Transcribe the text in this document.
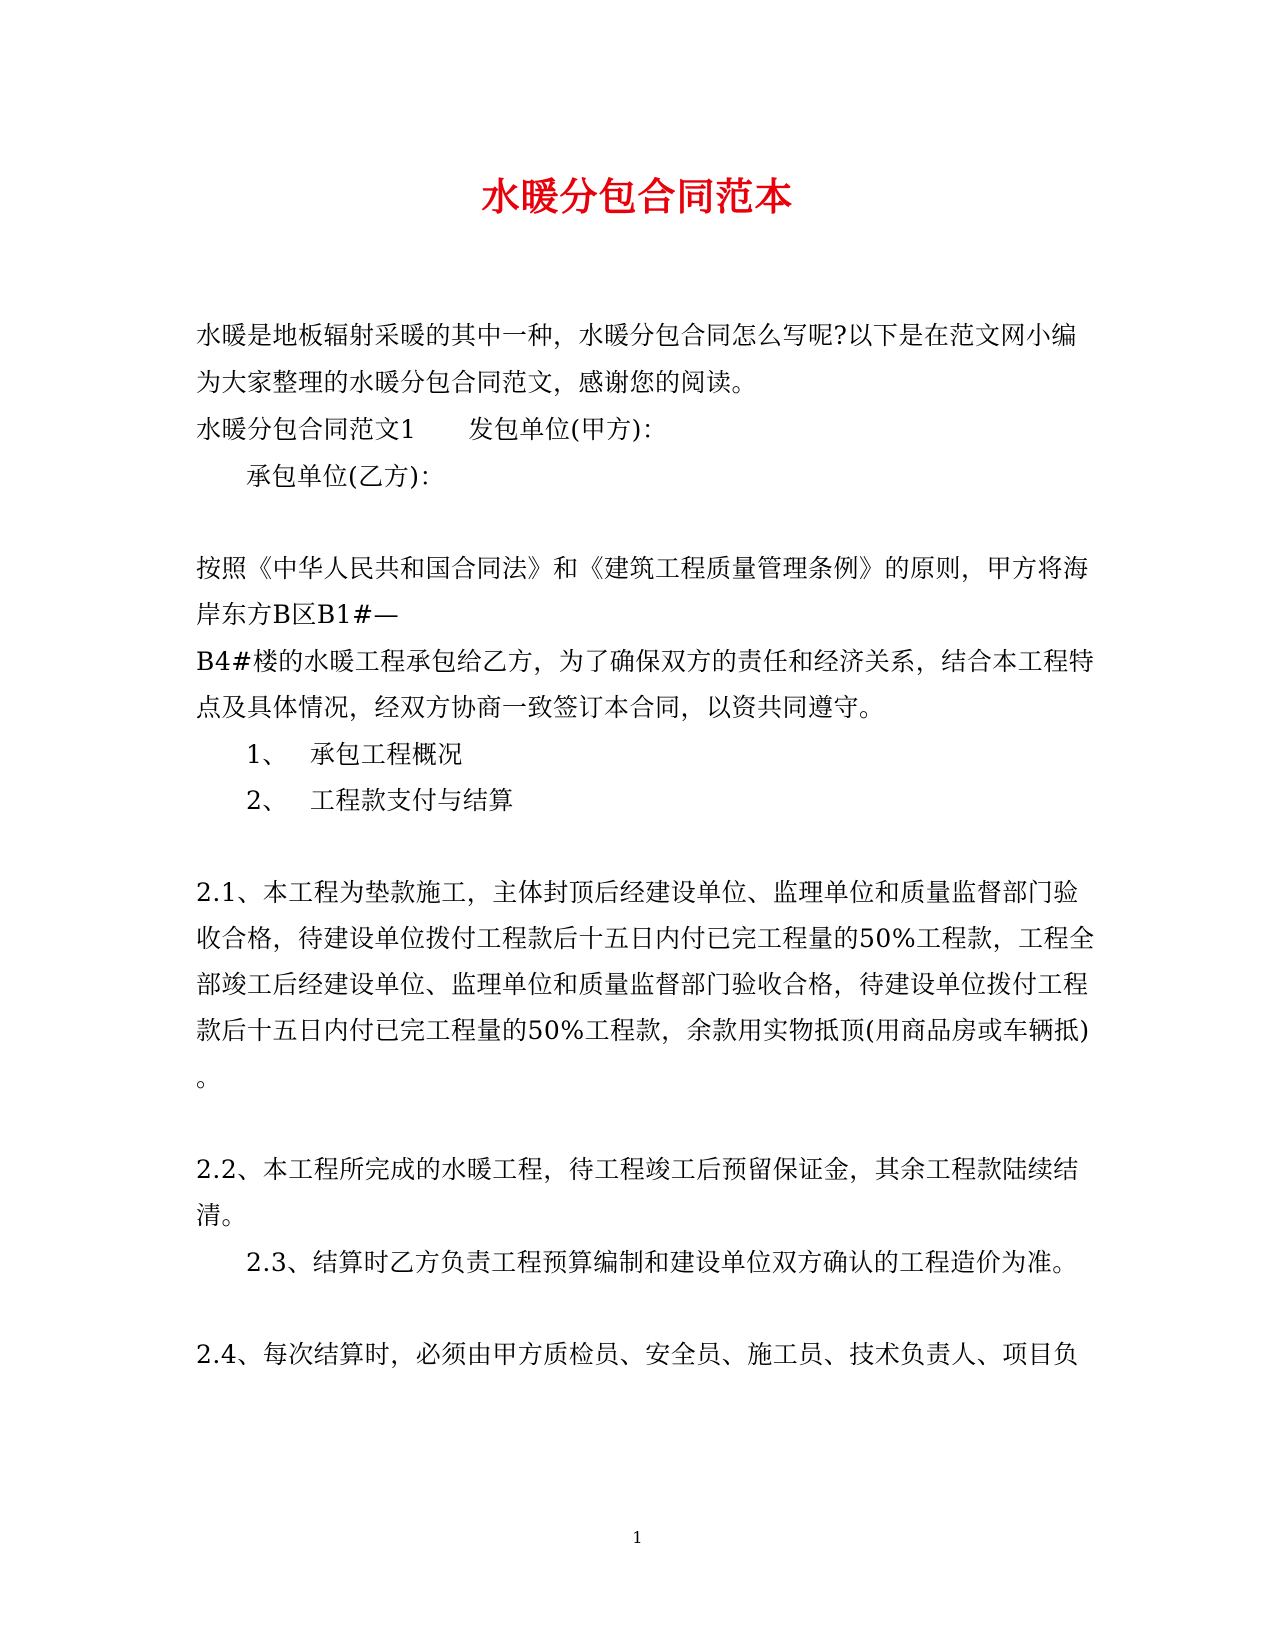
水暖分包合同范本
水暖是地板辐射采暖的其中一种，水暖分包合同怎么写呢?以下是在范文网小编
为大家整理的水暖分包合同范文，感谢您的阅读。
水暖分包合同范文1 发包单位(甲方)：
承包单位(乙方)：
按照《中华人民共和国合同法》和《建筑工程质量管理条例》的原则，甲方将海
岸东方B区B1#—
B4#楼的水暖工程承包给乙方，为了确保双方的责任和经济关系，结合本工程特
点及具体情况，经双方协商一致签订本合同，以资共同遵守。
1、 承包工程概况
2、 工程款支付与结算
2.1、本工程为垫款施工，主体封顶后经建设单位、监理单位和质量监督部门验
收合格，待建设单位拨付工程款后十五日内付已完工程量的50%工程款，工程全
部竣工后经建设单位、监理单位和质量监督部门验收合格，待建设单位拨付工程
款后十五日内付已完工程量的50%工程款，余款用实物抵顶(用商品房或车辆抵)
。
2.2、本工程所完成的水暖工程，待工程竣工后预留保证金，其余工程款陆续结
清。
2.3、结算时乙方负责工程预算编制和建设单位双方确认的工程造价为准。
2.4、每次结算时，必须由甲方质检员、安全员、施工员、技术负责人、项目负
1
